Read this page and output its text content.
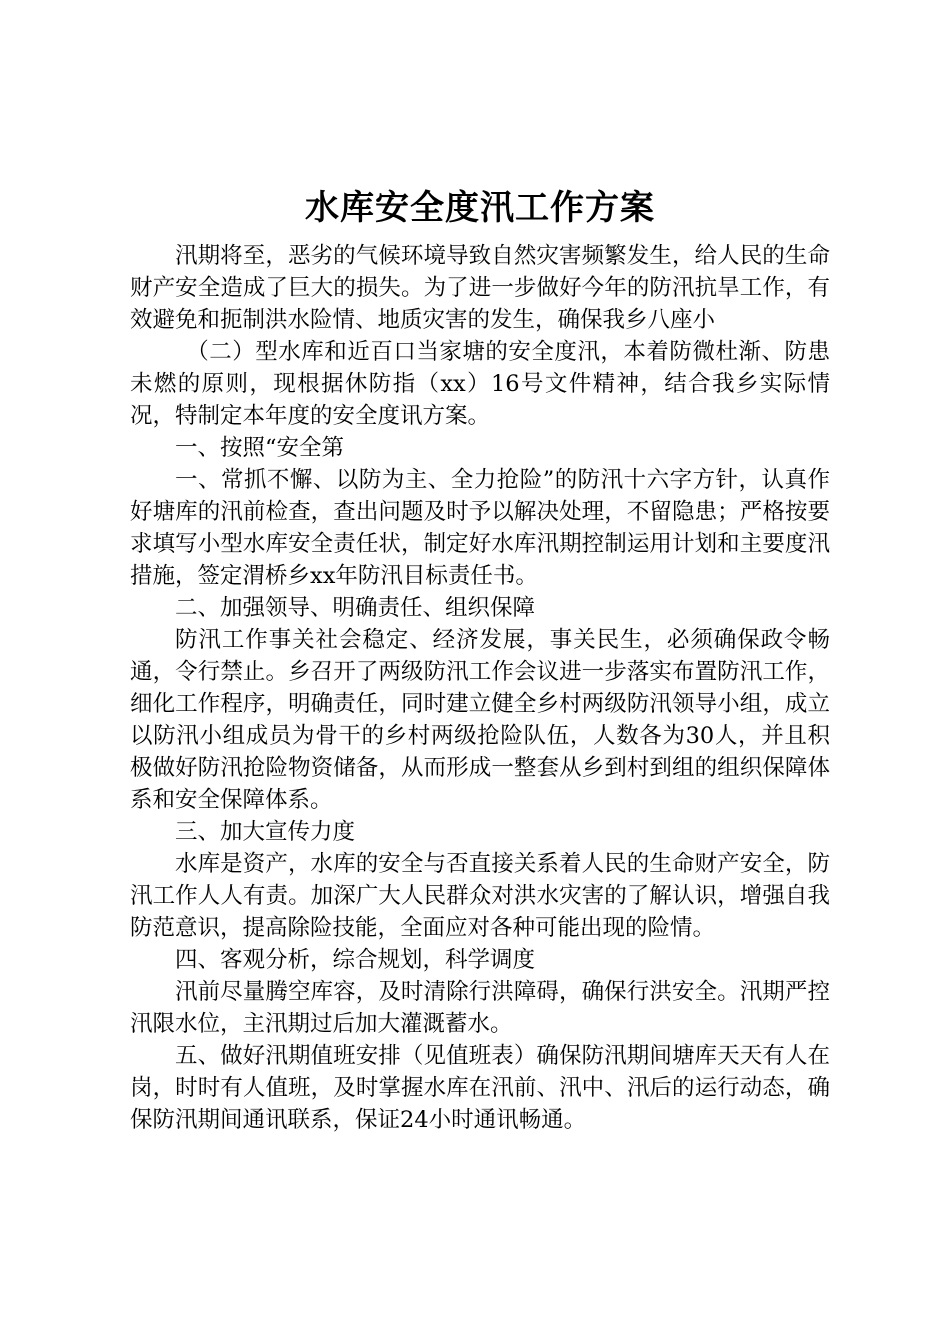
水库安全度汛工作方案

汛期将至，恶劣的气候环境导致自然灾害频繁发生，给人民的生命财产安全造成了巨大的损失。为了进一步做好今年的防汛抗旱工作，有效避免和扼制洪水险情、地质灾害的发生，确保我乡八座小

（二）型水库和近百口当家塘的安全度汛，本着防微杜渐、防患未燃的原则，现根据休防指（xx）16号文件精神，结合我乡实际情况，特制定本年度的安全度讯方案。

一、按照“安全第

一、常抓不懈、以防为主、全力抢险”的防汛十六字方针，认真作好塘库的汛前检查，查出问题及时予以解决处理，不留隐患；严格按要求填写小型水库安全责任状，制定好水库汛期控制运用计划和主要度汛措施，签定渭桥乡xx年防汛目标责任书。

二、加强领导、明确责任、组织保障

防汛工作事关社会稳定、经济发展，事关民生，必须确保政令畅通，令行禁止。乡召开了两级防汛工作会议进一步落实布置防汛工作，细化工作程序，明确责任，同时建立健全乡村两级防汛领导小组，成立以防汛小组成员为骨干的乡村两级抢险队伍，人数各为30人，并且积极做好防汛抢险物资储备，从而形成一整套从乡到村到组的组织保障体系和安全保障体系。

三、加大宣传力度

水库是资产，水库的安全与否直接关系着人民的生命财产安全，防汛工作人人有责。加深广大人民群众对洪水灾害的了解认识，增强自我防范意识，提高除险技能，全面应对各种可能出现的险情。

四、客观分析，综合规划，科学调度

汛前尽量腾空库容，及时清除行洪障碍，确保行洪安全。汛期严控汛限水位，主汛期过后加大灌溉蓄水。

五、做好汛期值班安排（见值班表）确保防汛期间塘库天天有人在岗，时时有人值班，及时掌握水库在汛前、汛中、汛后的运行动态，确保防汛期间通讯联系，保证24小时通讯畅通。
